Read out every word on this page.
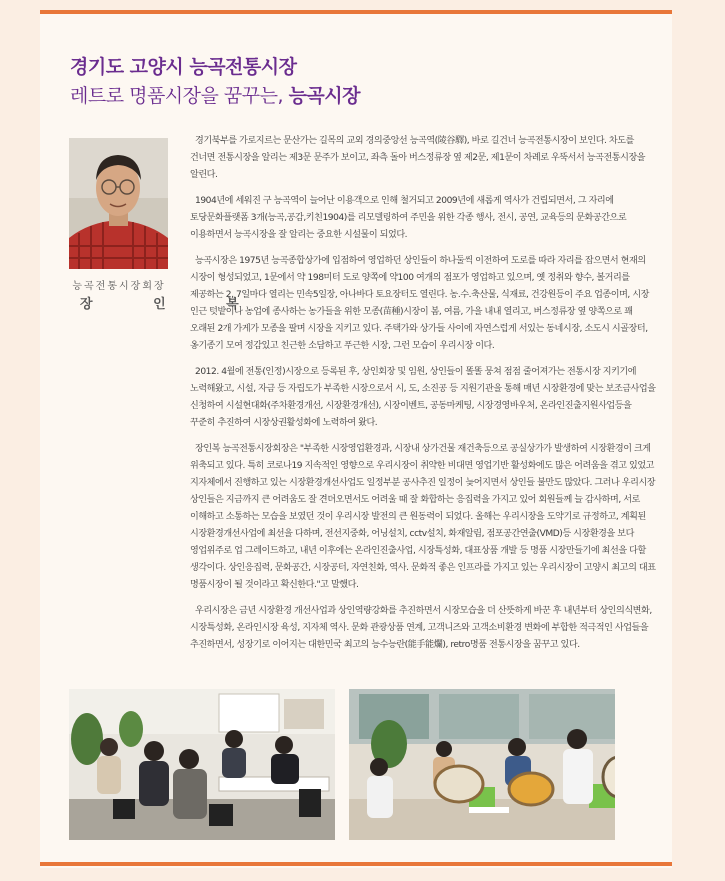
경기도 고양시 능곡전통시장
레트로 명품시장을 꿈꾸는, 능곡시장
능곡전통시장회장
장 인 복

경기북부를 가로지르는 문산가는 길목의 교외 경의중앙선 능곡역(陵谷驛), 바로 길건너 능곡전통시장이 보인다. 차도를 건너면 전통시장을 알리는 제3문 문주가 보이고, 좌측 돌아 버스정류장 옆 제2문, 제1문이 차례로 우뚝서서 능곡전통시장을 알린다.

1904년에 세워진 구 능곡역이 늘어난 이용객으로 인해 철거되고 2009년에 새롭게 역사가 건립되면서, 그 자리에 토당문화플랫폼 3개(능곡,공감,키친1904)를 리모델링하여 주민을 위한 각종 행사, 전시, 공연, 교육등의 문화공간으로 이용하면서 능곡시장을 잘 알리는 중요한 시설물이 되었다.

능곡시장은 1975년 능곡종합상가에 입점하여 영업하던 상인들이 하나둘씩 이전하여 도로를 따라 자리를 잡으면서 현재의 시장이 형성되었고, 1문에서 약 198미터 도로 양쪽에 약100 여개의 점포가 영업하고 있으며, 옛 정취와 향수, 볼거리를 제공하는 2, 7일마다 열리는 민속5일장, 아나바다 토요장터도 열린다. 농.수.축산물, 식재료, 건강원등이 주요 업종이며, 시장 인근 텃밭이나 농업에 종사하는 농가들을 위한 모종(苗種)시장이 봄, 여름, 가을 내내 열리고, 버스정류장 옆 양쪽으로 꽤 오래된 2개 가게가 모종을 팔며 시장을 지키고 있다. 주택가와 상가들 사이에 자연스럽게 서있는 동네시장, 소도시 시골장터, 옹기종기 모여 정감있고 친근한 소담하고 푸근한 시장, 그런 모습이 우리시장 이다.

2012. 4월에 전통(인정)시장으로 등록된 후, 상인회장 및 임원, 상인들이 똘똘 뭉쳐 점점 줄어져가는 전통시장 지키기에 노력해왔고, 시설, 자금 등 자립도가 부족한 시장으로서 시, 도, 소진공 등 지원기관을 통해 매년 시장환경에 맞는 보조금사업을 신청하여 시설현대화(주차환경개선, 시장환경개선), 시장이벤트, 공동마케팅, 시장경영바우처, 온라인진출지원사업등을 꾸준히 추진하여 시장상권활성화에 노력하여 왔다.

장인복 능곡전통시장회장은 "부족한 시장영업환경과, 시장내 상가건물 재건축등으로 공실상가가 발생하여 시장환경이 크게 위축되고 있다. 특히 코로나19 지속적인 영향으로 우리시장이 취약한 비대면 영업기반 활성화에도 많은 어려움을 겪고 있었고 지자체에서 진행하고 있는 시장환경개선사업도 일정부분 공사추진 일정이 늦어지면서 상인들 불만도 많았다. 그러나 우리시장 상인들은 지금까지 큰 어려움도 잘 견뎌오면서도 어려울 때 잘 화합하는 응집력을 가지고 있어 회원들께 늘 감사하며, 서로 이해하고 소통하는 모습을 보였던 것이 우리시장 발전의 큰 원동력이 되었다. 올해는 우리시장을 도약기로 규정하고, 계획된 시장환경개선사업에 최선을 다하며, 전선지중화, 어닝설치, cctv설치, 화재알림, 점포공간연출(VMD)등 시장환경을 보다 영업위주로 업 그레이드하고, 내년 이후에는 온라인진출사업, 시장특성화, 대표상품 개발 등 명품 시장만들기에 최선을 다할 생각이다. 상인응집력, 문화공간, 시장공터, 자연친화, 역사. 문화적 좋은 인프라를 가지고 있는 우리시장이 고양시 최고의 대표 명품시장이 될 것이라고 확신한다."고 말했다.

우리시장은 금년 시장환경 개선사업과 상인역량강화를 추진하면서 시장모습을 더 산뜻하게 바꾼 후 내년부터 상인의식변화, 시장특성화, 온라인시장 육성, 지자체 역사. 문화 관광상품 연계, 고객니즈와 고객소비환경 변화에 부합한 적극적인 사업들을 추진하면서, 성장기로 이어지는 대한민국 최고의 능수능란(能手能爛), retro명품 전통시장을 꿈꾸고 있다.
